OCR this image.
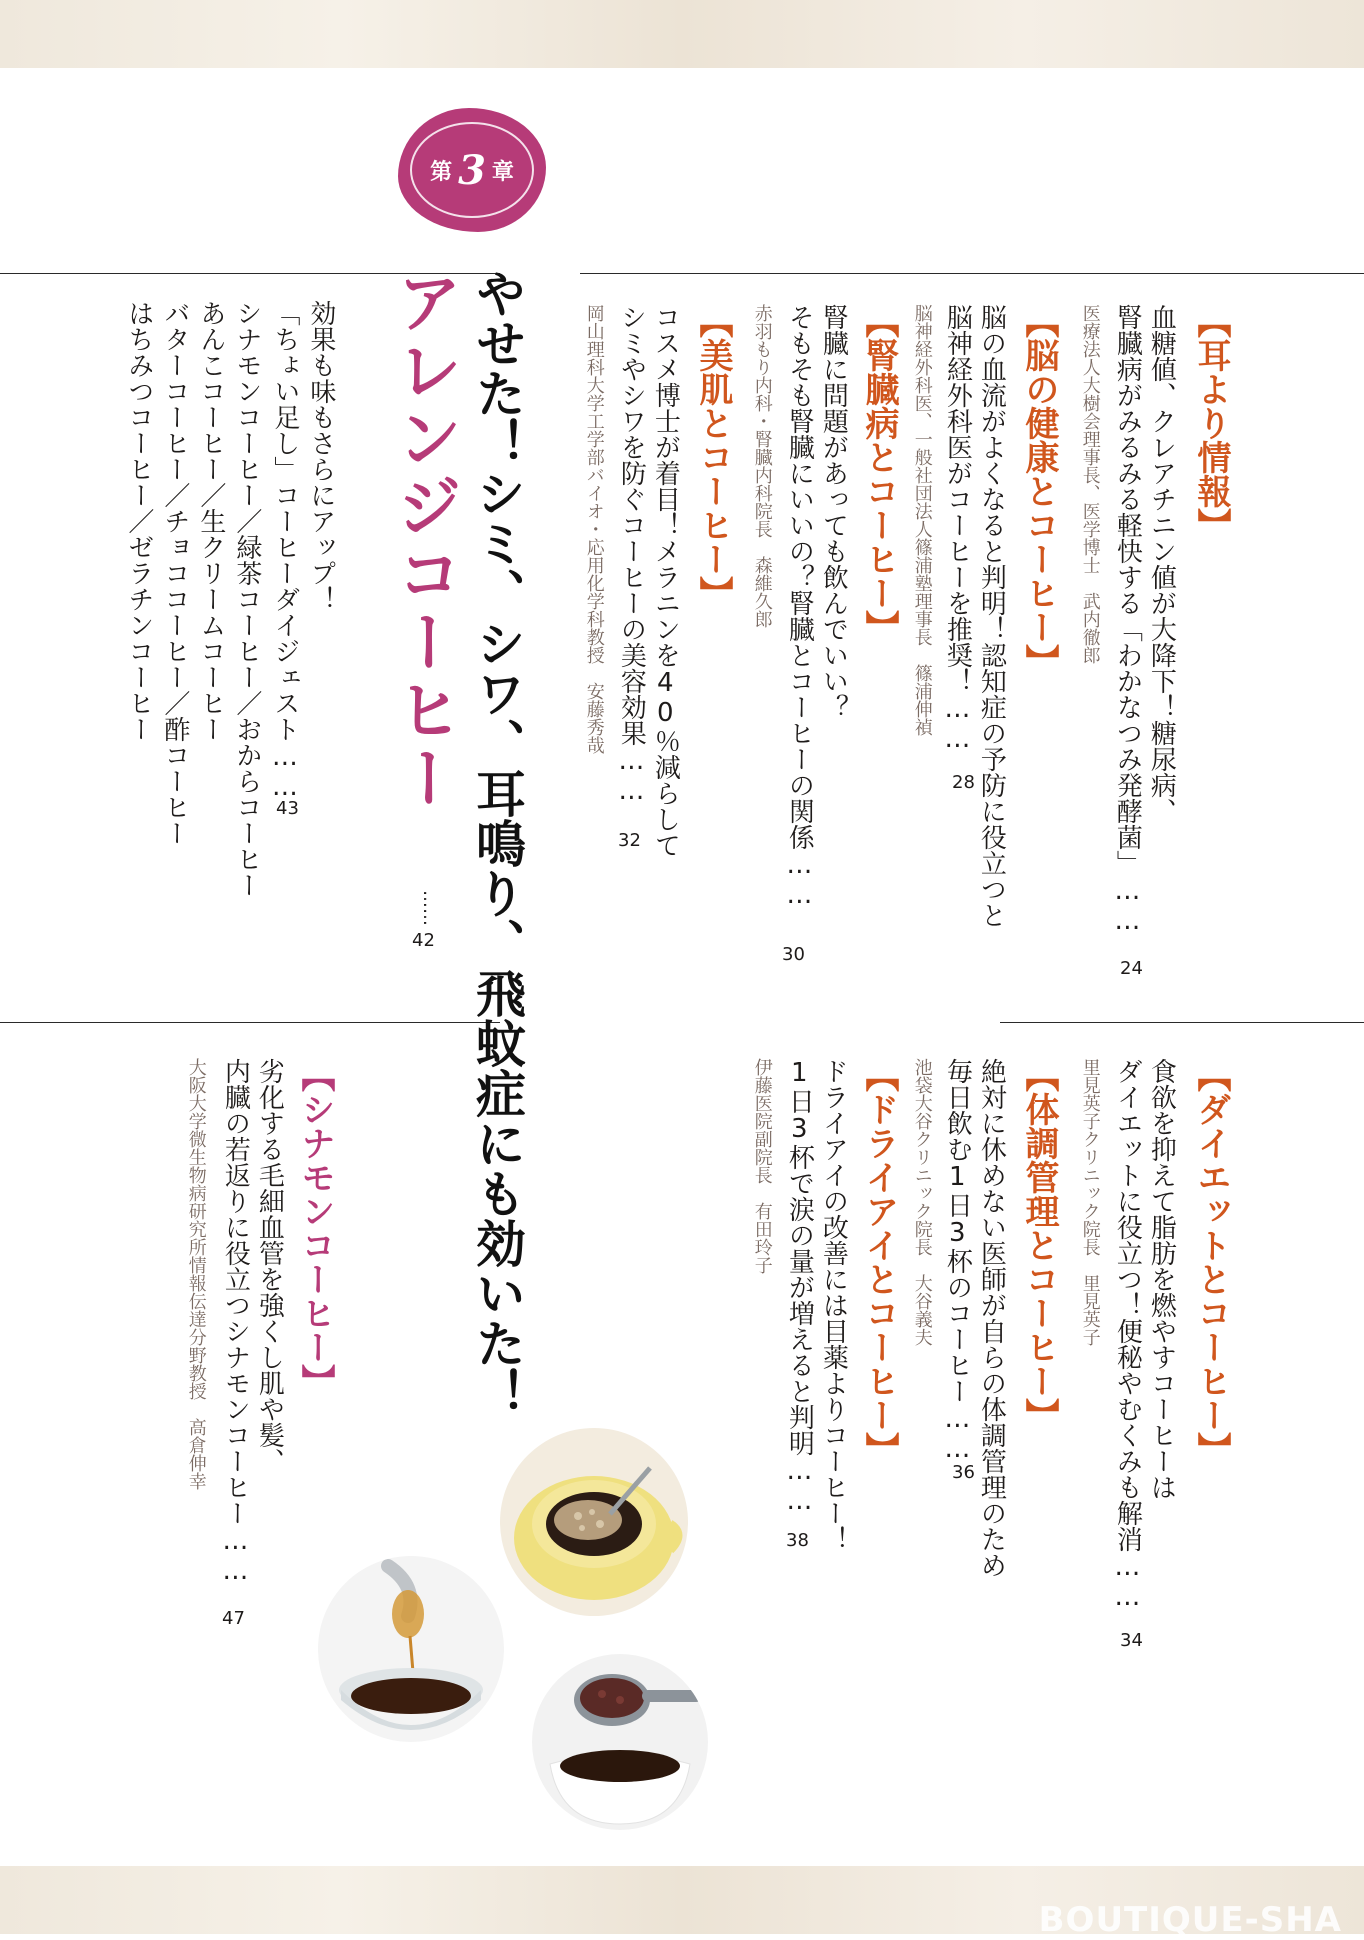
BOUTIQUE-SHA
第 3 章
【耳より情報】
血糖値、クレアチニン値が大降下！糖尿病、
腎臓病がみるみる軽快する「わかなつみ発酵菌」……
医療法人大樹会理事長、医学博士　武内徹郎
24
【脳の健康とコーヒー】
脳の血流がよくなると判明！認知症の予防に役立つと
脳神経外科医がコーヒーを推奨！……
脳神経外科医、一般社団法人篠浦塾理事長　篠浦伸禎
28
【腎臓病とコーヒー】
腎臓に問題があっても飲んでいい？
そもそも腎臓にいいの？腎臓とコーヒーの関係……
赤羽もり内科・腎臓内科院長　森維久郎
30
【美肌とコーヒー】
コスメ博士が着目！メラニンを40％減らして
シミやシワを防ぐコーヒーの美容効果……
岡山理科大学工学部バイオ・応用化学科教授　安藤秀哉
32
アレンジコーヒー
……
42 やせた！シミ、シワ、耳鳴り、飛蚊症にも効いた！
効果も味もさらにアップ！
「ちょい足し」コーヒーダイジェスト……
43
シナモンコーヒー／緑茶コーヒー／おからコーヒー
あんこコーヒー／生クリームコーヒー
バターコーヒー／チョココーヒー／酢コーヒー
はちみつコーヒー／ゼラチンコーヒー
【ダイエットとコーヒー】
食欲を抑えて脂肪を燃やすコーヒーは
ダイエットに役立つ！便秘やむくみも解消……
里見英子クリニック院長　里見英子
34
【体調管理とコーヒー】
絶対に休めない医師が自らの体調管理のため
毎日飲む1日3杯のコーヒー……
池袋大谷クリニック院長　大谷義夫
36
【ドライアイとコーヒー】
ドライアイの改善には目薬よりコーヒー！
1日3杯で涙の量が増えると判明……
伊藤医院副院長　有田玲子
38
【シナモンコーヒー】
劣化する毛細血管を強くし肌や髪、
内臓の若返りに役立つシナモンコーヒー……
大阪大学微生物病研究所情報伝達分野教授　高倉伸幸
47
